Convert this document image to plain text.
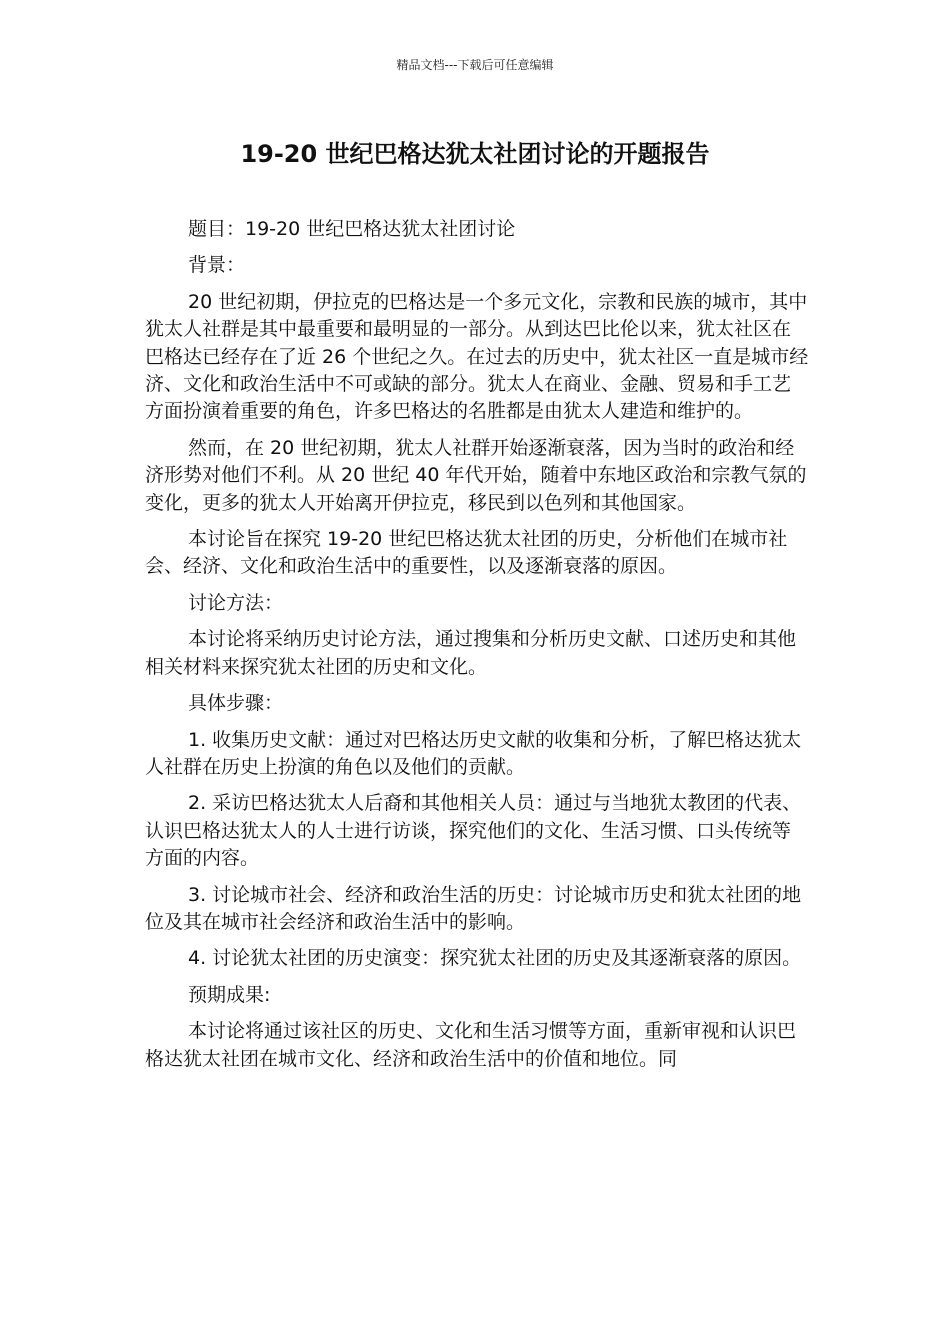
精品文档---下载后可任意编辑
19-20 世纪巴格达犹太社团讨论的开题报告

题目：19-20 世纪巴格达犹太社团讨论

背景：

20 世纪初期，伊拉克的巴格达是一个多元文化，宗教和民族的城市，其中犹太人社群是其中最重要和最明显的一部分。从到达巴比伦以来，犹太社区在巴格达已经存在了近 26 个世纪之久。在过去的历史中，犹太社区一直是城市经济、文化和政治生活中不可或缺的部分。犹太人在商业、金融、贸易和手工艺方面扮演着重要的角色，许多巴格达的名胜都是由犹太人建造和维护的。

然而，在 20 世纪初期，犹太人社群开始逐渐衰落，因为当时的政治和经济形势对他们不利。从 20 世纪 40 年代开始，随着中东地区政治和宗教气氛的变化，更多的犹太人开始离开伊拉克，移民到以色列和其他国家。

本讨论旨在探究 19-20 世纪巴格达犹太社团的历史，分析他们在城市社会、经济、文化和政治生活中的重要性，以及逐渐衰落的原因。

讨论方法：

本讨论将采纳历史讨论方法，通过搜集和分析历史文献、口述历史和其他相关材料来探究犹太社团的历史和文化。

具体步骤：

1. 收集历史文献：通过对巴格达历史文献的收集和分析，了解巴格达犹太人社群在历史上扮演的角色以及他们的贡献。

2. 采访巴格达犹太人后裔和其他相关人员：通过与当地犹太教团的代表、认识巴格达犹太人的人士进行访谈，探究他们的文化、生活习惯、口头传统等方面的内容。

3. 讨论城市社会、经济和政治生活的历史：讨论城市历史和犹太社团的地位及其在城市社会经济和政治生活中的影响。

4. 讨论犹太社团的历史演变：探究犹太社团的历史及其逐渐衰落的原因。

预期成果:

本讨论将通过该社区的历史、文化和生活习惯等方面，重新审视和认识巴格达犹太社团在城市文化、经济和政治生活中的价值和地位。同
